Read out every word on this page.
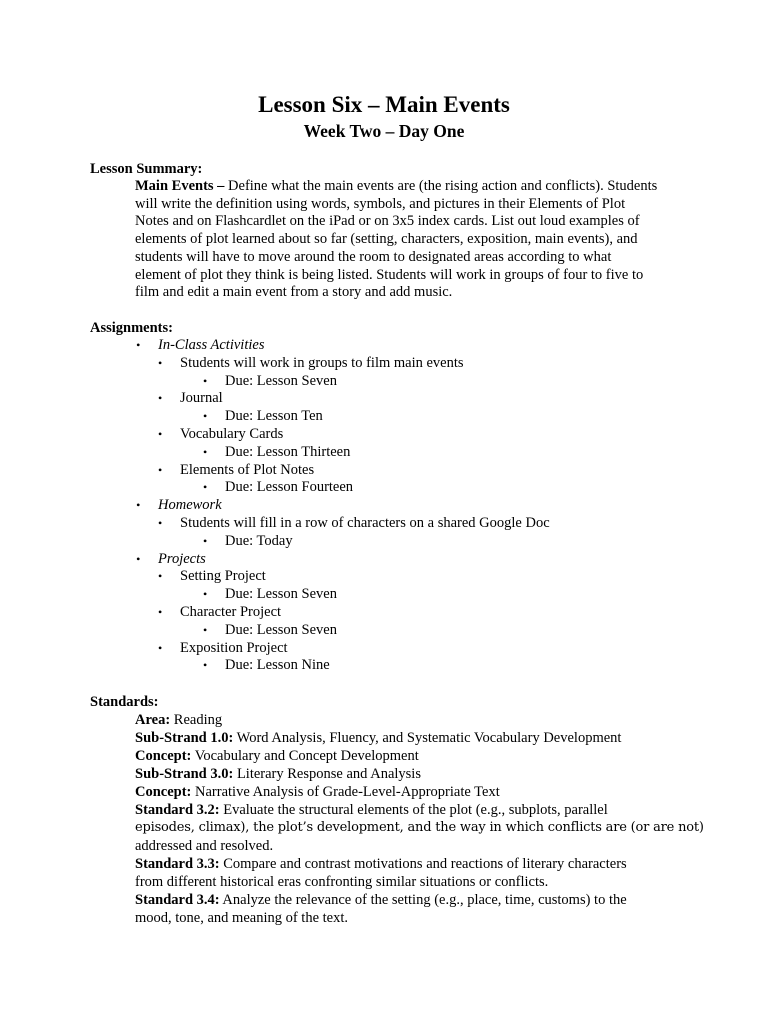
Lesson Six – Main Events
Week Two – Day One
Lesson Summary:
Main Events – Define what the main events are (the rising action and conflicts). Students
will write the definition using words, symbols, and pictures in their Elements of Plot
Notes and on Flashcardlet on the iPad or on 3x5 index cards. List out loud examples of
elements of plot learned about so far (setting, characters, exposition, main events), and
students will have to move around the room to designated areas according to what
element of plot they think is being listed. Students will work in groups of four to five to
film and edit a main event from a story and add music.
Assignments:
• In-Class Activities
• Students will work in groups to film main events
• Due: Lesson Seven
• Journal
• Due: Lesson Ten
• Vocabulary Cards
• Due: Lesson Thirteen
• Elements of Plot Notes
• Due: Lesson Fourteen
• Homework
• Students will fill in a row of characters on a shared Google Doc
• Due: Today
• Projects
• Setting Project
• Due: Lesson Seven
• Character Project
• Due: Lesson Seven
• Exposition Project
• Due: Lesson Nine
Standards:
Area: Reading
Sub-Strand 1.0: Word Analysis, Fluency, and Systematic Vocabulary Development
Concept: Vocabulary and Concept Development
Sub-Strand 3.0: Literary Response and Analysis
Concept: Narrative Analysis of Grade-Level-Appropriate Text
Standard 3.2: Evaluate the structural elements of the plot (e.g., subplots, parallel
episodes, climax), the plot’s development, and the way in which conflicts are (or are not)
addressed and resolved.
Standard 3.3: Compare and contrast motivations and reactions of literary characters
from different historical eras confronting similar situations or conflicts.
Standard 3.4: Analyze the relevance of the setting (e.g., place, time, customs) to the
mood, tone, and meaning of the text.
